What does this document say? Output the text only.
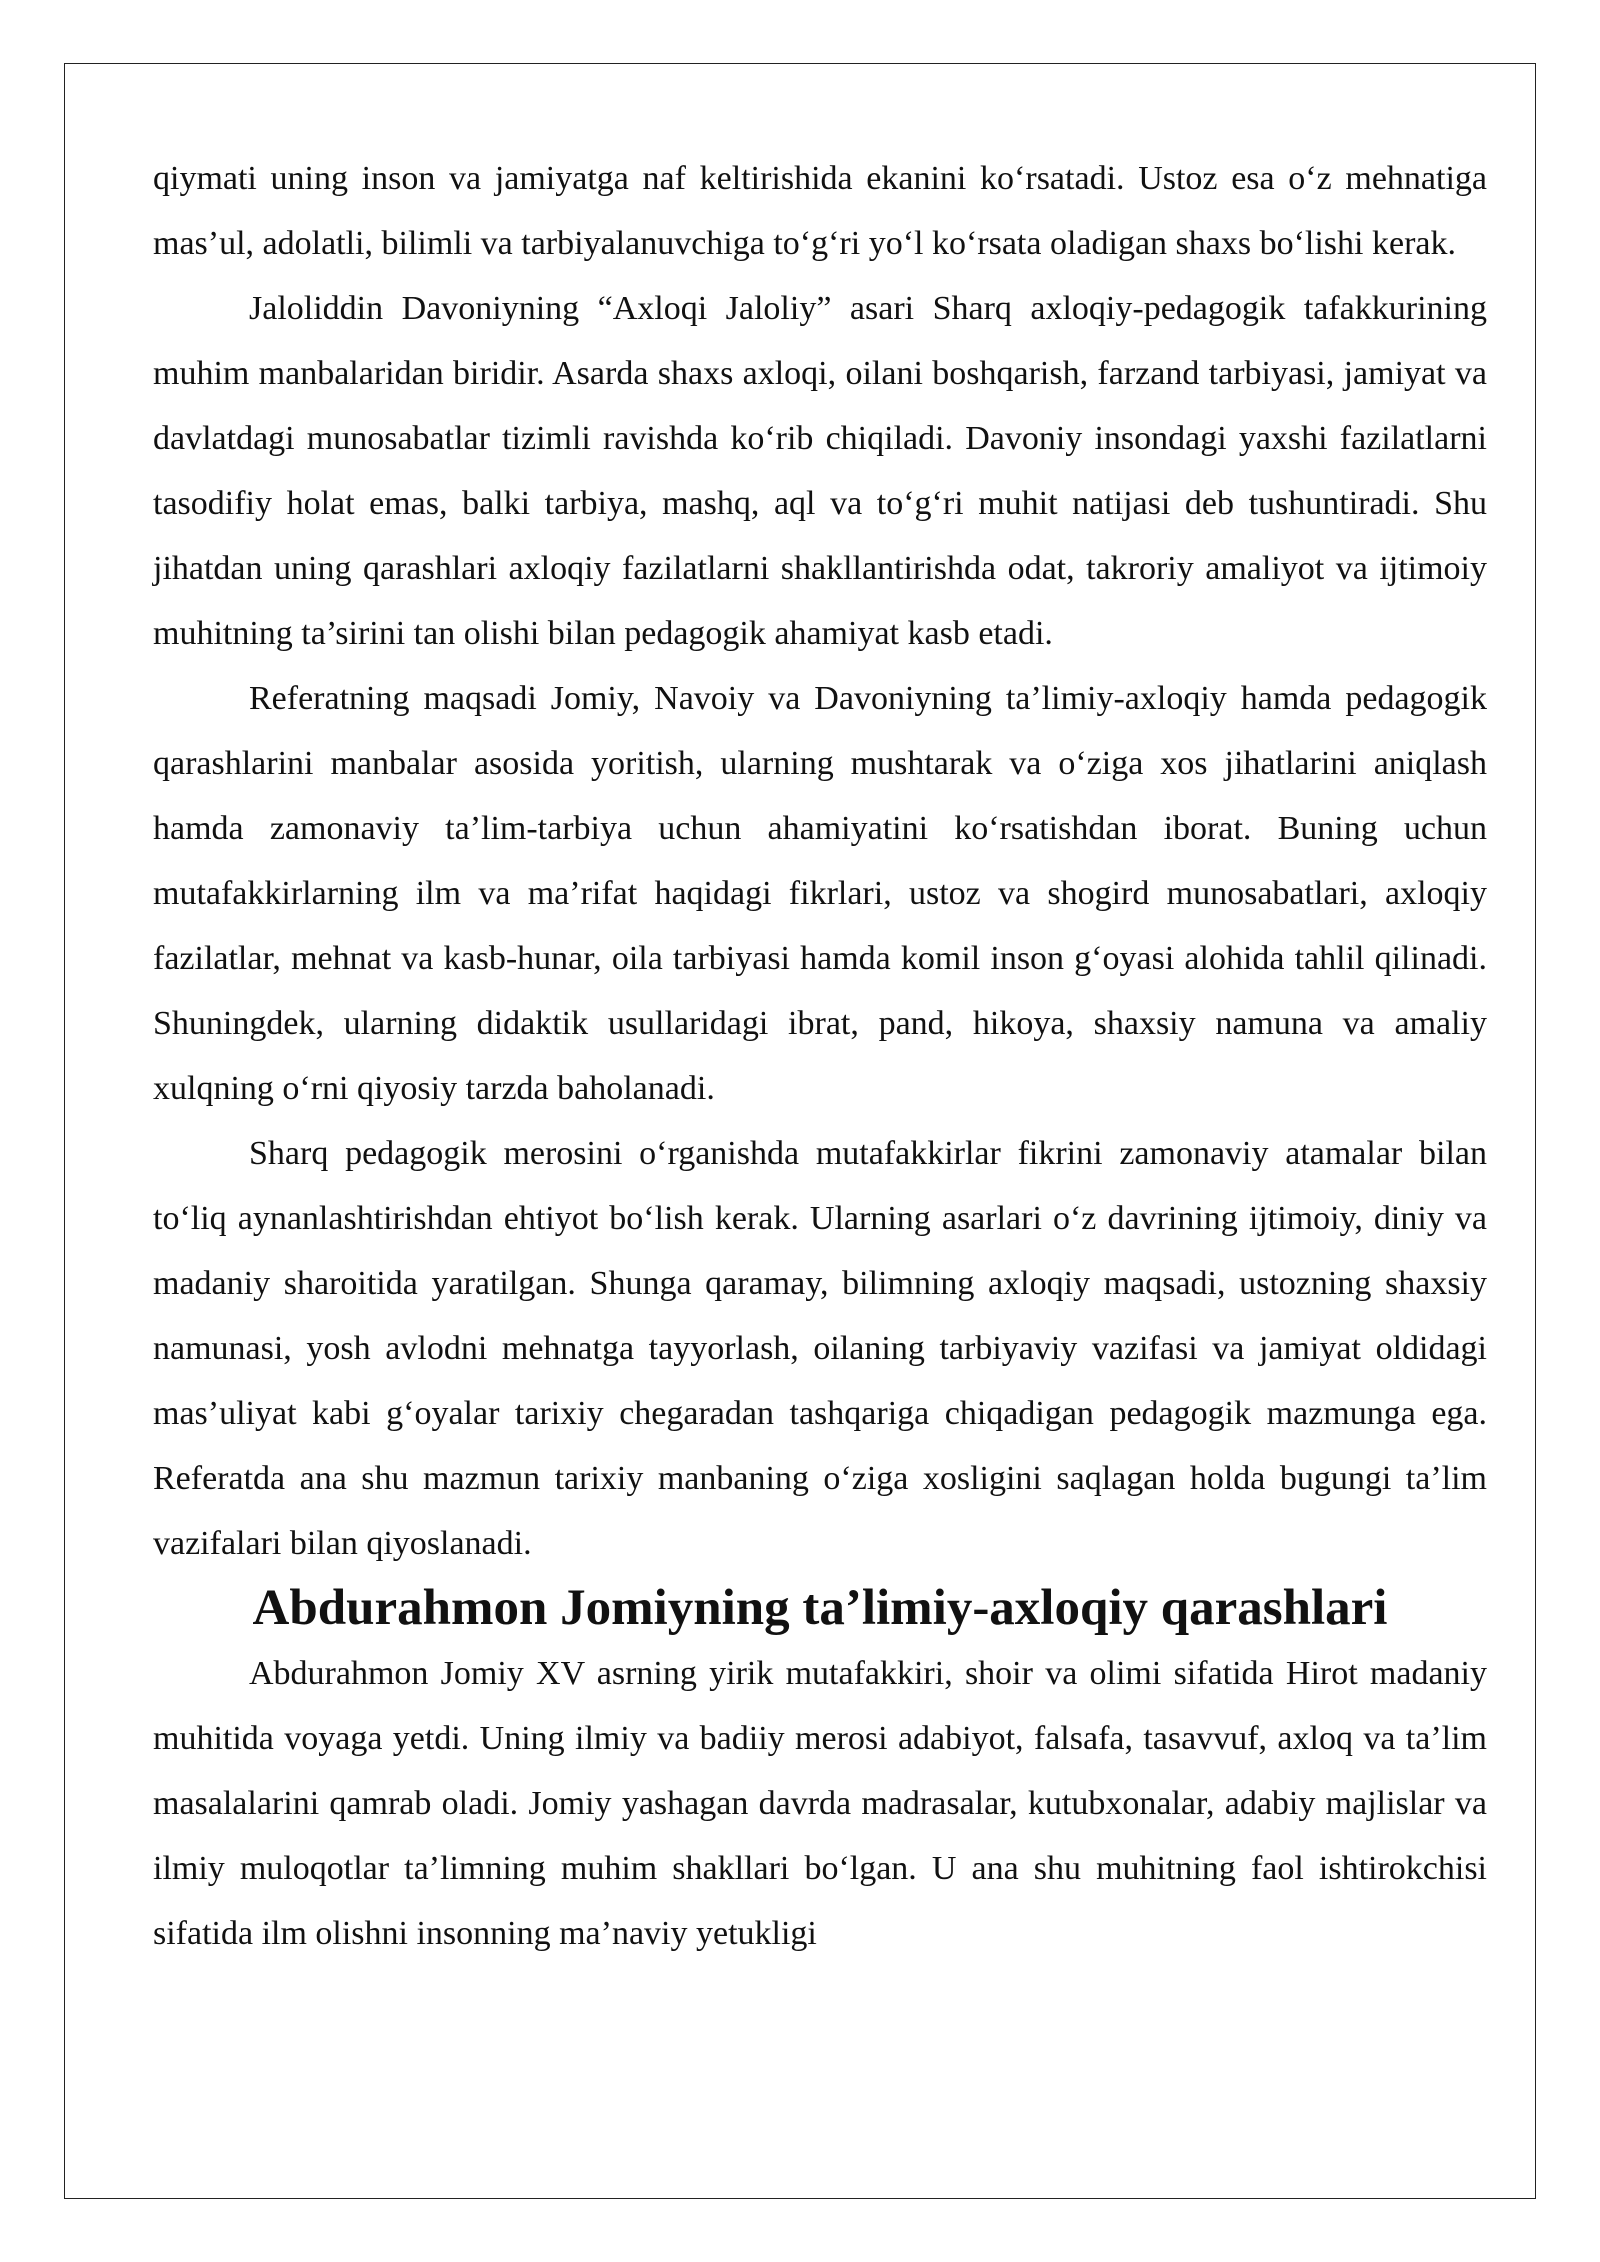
qiymati uning inson va jamiyatga naf keltirishida ekanini ko‘rsatadi. Ustoz esa o‘z mehnatiga mas’ul, adolatli, bilimli va tarbiyalanuvchiga to‘g‘ri yo‘l ko‘rsata oladigan shaxs bo‘lishi kerak.

Jaloliddin Davoniyning “Axloqi Jaloliy” asari Sharq axloqiy-pedagogik tafakkurining muhim manbalaridan biridir. Asarda shaxs axloqi, oilani boshqarish, farzand tarbiyasi, jamiyat va davlatdagi munosabatlar tizimli ravishda ko‘rib chiqiladi. Davoniy insondagi yaxshi fazilatlarni tasodifiy holat emas, balki tarbiya, mashq, aql va to‘g‘ri muhit natijasi deb tushuntiradi. Shu jihatdan uning qarashlari axloqiy fazilatlarni shakllantirishda odat, takroriy amaliyot va ijtimoiy muhitning ta’sirini tan olishi bilan pedagogik ahamiyat kasb etadi.

Referatning maqsadi Jomiy, Navoiy va Davoniyning ta’limiy-axloqiy hamda pedagogik qarashlarini manbalar asosida yoritish, ularning mushtarak va o‘ziga xos jihatlarini aniqlash hamda zamonaviy ta’lim-tarbiya uchun ahamiyatini ko‘rsatishdan iborat. Buning uchun mutafakkirlarning ilm va ma’rifat haqidagi fikrlari, ustoz va shogird munosabatlari, axloqiy fazilatlar, mehnat va kasb-hunar, oila tarbiyasi hamda komil inson g‘oyasi alohida tahlil qilinadi. Shuningdek, ularning didaktik usullaridagi ibrat, pand, hikoya, shaxsiy namuna va amaliy xulqning o‘rni qiyosiy tarzda baholanadi.

Sharq pedagogik merosini o‘rganishda mutafakkirlar fikrini zamonaviy atamalar bilan to‘liq aynanlashtirishdan ehtiyot bo‘lish kerak. Ularning asarlari o‘z davrining ijtimoiy, diniy va madaniy sharoitida yaratilgan. Shunga qaramay, bilimning axloqiy maqsadi, ustozning shaxsiy namunasi, yosh avlodni mehnatga tayyorlash, oilaning tarbiyaviy vazifasi va jamiyat oldidagi mas’uliyat kabi g‘oyalar tarixiy chegaradan tashqariga chiqadigan pedagogik mazmunga ega. Referatda ana shu mazmun tarixiy manbaning o‘ziga xosligini saqlagan holda bugungi ta’lim vazifalari bilan qiyoslanadi.

Abdurahmon Jomiyning ta’limiy-axloqiy qarashlari

Abdurahmon Jomiy XV asrning yirik mutafakkiri, shoir va olimi sifatida Hirot madaniy muhitida voyaga yetdi. Uning ilmiy va badiiy merosi adabiyot, falsafa, tasavvuf, axloq va ta’lim masalalarini qamrab oladi. Jomiy yashagan davrda madrasalar, kutubxonalar, adabiy majlislar va ilmiy muloqotlar ta’limning muhim shakllari bo‘lgan. U ana shu muhitning faol ishtirokchisi sifatida ilm olishni insonning ma’naviy yetukligi
